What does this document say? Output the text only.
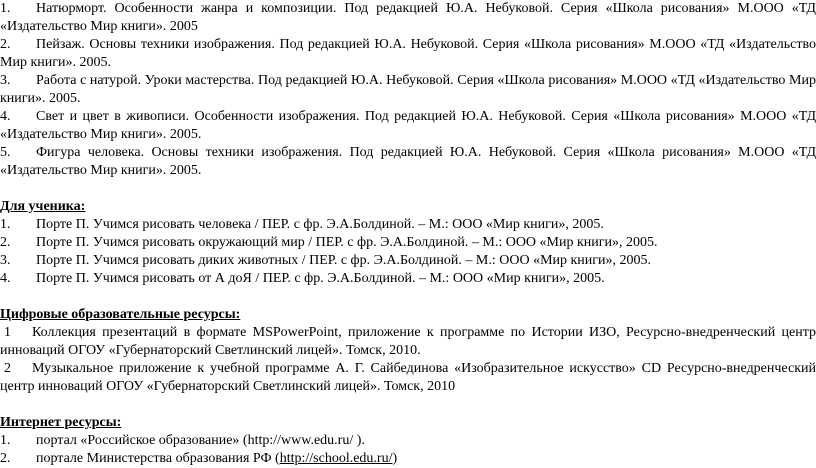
1.	Натюрморт. Особенности жанра и композиции. Под редакцией Ю.А. Небуковой. Серия «Школа рисования» М.ООО «ТД «Издательство Мир книги». 2005
2.	Пейзаж. Основы техники изображения. Под редакцией Ю.А. Небуковой. Серия «Школа рисования» М.ООО «ТД «Издательство Мир книги». 2005.
3.	Работа с натурой. Уроки мастерства. Под редакцией Ю.А. Небуковой. Серия «Школа рисования» М.ООО «ТД «Издательство Мир книги». 2005.
4.	Свет и цвет в живописи. Особенности изображения. Под редакцией Ю.А. Небуковой. Серия «Школа рисования» М.ООО «ТД «Издательство Мир книги». 2005.
5.	Фигура человека. Основы техники изображения. Под редакцией Ю.А. Небуковой. Серия «Школа рисования» М.ООО «ТД «Издательство Мир книги». 2005.
Для ученика:
1.	Порте П. Учимся рисовать человека / ПЕР. с фр. Э.А.Болдиной. – М.: ООО «Мир книги», 2005.
2.	Порте П. Учимся рисовать окружающий мир / ПЕР. с фр. Э.А.Болдиной. – М.: ООО «Мир книги», 2005.
3.	Порте П. Учимся рисовать диких животных / ПЕР. с фр. Э.А.Болдиной. – М.: ООО «Мир книги», 2005.
4.	Порте П. Учимся рисовать от А доЯ / ПЕР. с фр. Э.А.Болдиной. – М.: ООО «Мир книги», 2005.
Цифровые образовательные ресурсы:
1 Коллекция презентаций в формате MSPowerPoint, приложение к программе по Истории ИЗО, Ресурсно-внедренческий центр инноваций ОГОУ «Губернаторский Светлинский лицей». Томск, 2010.
2 Музыкальное приложение к учебной программе А. Г. Сайбединова «Изобразительное искусство» CD Ресурсно-внедренческий центр инноваций ОГОУ «Губернаторский Светлинский лицей». Томск, 2010
Интернет ресурсы:
1.	портал «Российское образование» (http://www.edu.ru/ ).
2.	портале Министерства образования РФ (http://school.edu.ru/)
